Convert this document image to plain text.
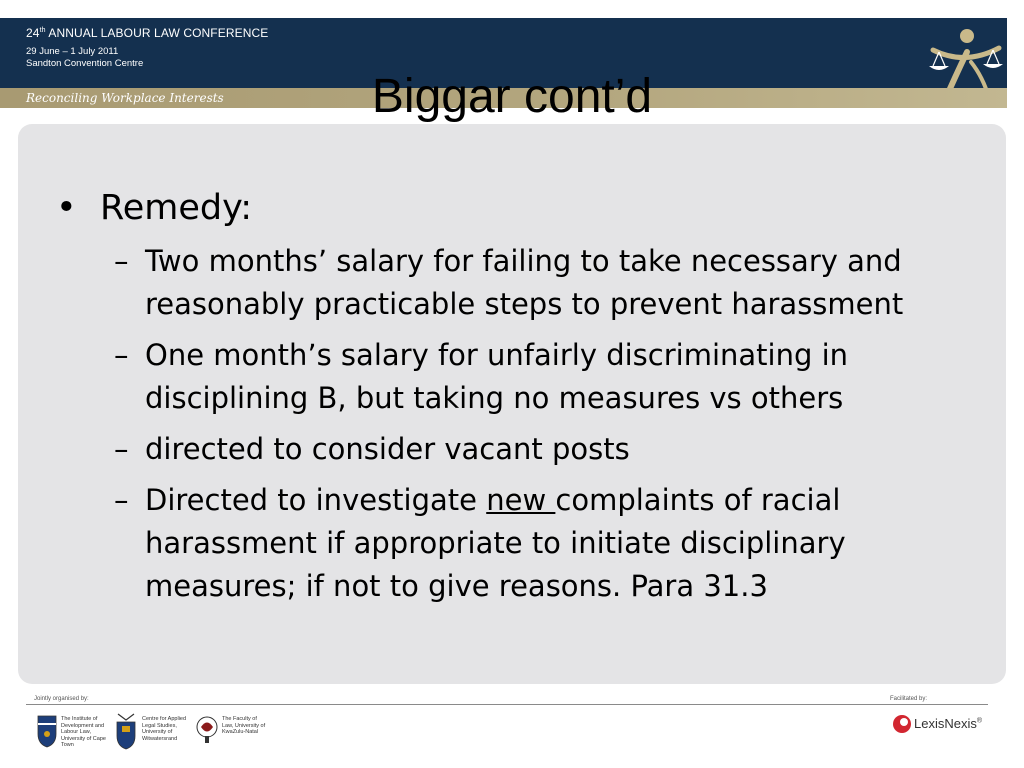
24th ANNUAL LABOUR LAW CONFERENCE
29 June – 1 July 2011
Sandton Convention Centre
Reconciling Workplace Interests	Biggar cont’d
• Remedy:
– Two months’ salary for failing to take necessary and reasonably practicable steps to prevent harassment
– One month’s salary for unfairly discriminating in disciplining B, but taking no measures vs others
– directed to consider vacant posts
– Directed to investigate new complaints of racial harassment if appropriate to initiate disciplinary measures; if not to give reasons. Para 31.3
Jointly organised by:	Facilitated by:
The Institute of Development and Labour Law, University of Cape Town
Centre for Applied Legal Studies, University of Witwatersrand
The Faculty of Law, University of KwaZulu-Natal
LexisNexis®
